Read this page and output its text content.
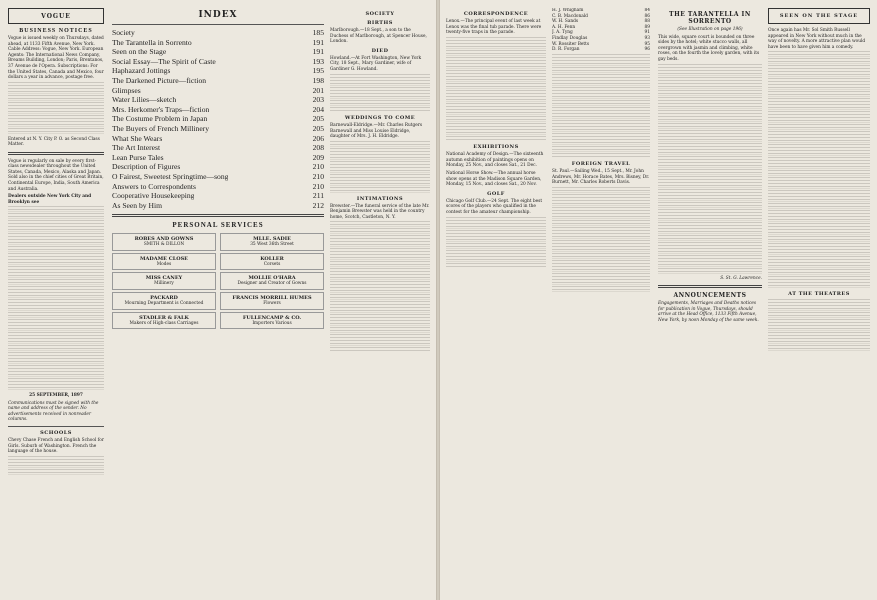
VOGUE
BUSINESS NOTICES
Vogue is issued weekly on Thursdays, dated ahead, at 1133 Fifth Avenue, New York. Cable Address: Vogue, New York. European Agents: The International News Company, Breams Building, London; Paris, Brentanos, 37 Avenue de l'Opera. Subscriptions: For the United States, Canada and Mexico, four dollars a year in advance, postage free.
Entered at N. Y. City P. O. as Second Class Matter.
Vogue is regularly on sale by every first-class newsdealer throughout the United States, Canada, Mexico, Alaska and Japan. Sold also in the chief cities of Great Britain, Continental Europe, India, South America and Australia.
Dealers outside New York City and Brooklyn see
25 SEPTEMBER, 1897
Communications must be signed with the name and address of the sender. No advertisements received in nonreader columns.
SCHOOLS
Chevy Chase French and English School for Girls. Suburb of Washington. French the language of the house.
INDEX
Society	185
The Tarantella in Sorrento	191
Seen on the Stage	191
Social Essay—The Spirit of Caste	193
Haphazard Jottings	195
The Darkened Picture—fiction	198
Glimpses	201
Water Lilies—sketch	203
Mrs. Herkomer's Traps—fiction	204
The Costume Problem in Japan	205
The Buyers of French Millinery	205
What She Wears	206
The Art Interest	208
Lean Purse Tales	209
Description of Figures	210
O Fairest, Sweetest Springtime—song	210
Answers to Correspondents	210
Cooperative Housekeeping	211
As Seen by Him	212
PERSONAL SERVICES
ROBES AND GOWNS
SMITH & DILLON
MADAME CLOSE
Modes
MISS CANEY
Millinery
PACKARD
Mourning Department is Connected
STADLER & FALK
Makers of High-class Carriages
MLLE. SADIE
35 West 36th Street
KOLLER
Corsets
MOLLIE O'HARA
Designer and Creator of Gowns
FRANCIS MORRILL HUMES
Flowers
FULLENCAMP & CO.
Importers Various
SOCIETY
BIRTHS
Marlborough.—18 Sept., a son to the Duchess of Marlborough, at Spencer House, London.
DIED
Howland.—At Fort Washington, New York City, 18 Sept., Mary Gardiner, wife of Gardiner G. Howland.
WEDDINGS TO COME
Barnewall-Eldridge.—Mr. Charles Rutgers Barnewall and Miss Louise Eldridge, daughter of Mrs. J. H. Eldridge.
INTIMATIONS
Brewster.—The funeral service of the late Mr. Benjamin Brewster was held in the country home, Scotch, Castleton, N. Y.
CORRESPONDENCE
Lenox.—The principal event of last week at Lenox was the final tub parade. There were twenty-five traps in the parade.
EXHIBITIONS
National Academy of Design.—The sixteenth autumn exhibition of paintings opens on Monday, 25 Nov., and closes Sat., 21 Dec.
National Horse Show.—The annual horse show opens at the Madison Square Garden, Monday, 15 Nov., and closes Sat., 20 Nov.
GOLF
Chicago Golf Club.—24 Sept. The eight best scores of the players who qualified in the contest for the amateur championship.
H. J. Whigham	84
C. B. Macdonald	86
W. H. Sands	88
A. H. Fenn	89
J. A. Tyng	91
Findlay Douglas	93
W. Rossiter Betts	95
D. R. Forgan	96
FOREIGN TRAVEL
St. Paul.—Sailing Wed., 15 Sept., Mr. John Andrews, Mr. Horace Bates, Mrs. Bisney, Dr. Burnett, Mr. Charles Roberts Davis.
THE TARANTELLA IN SORRENTO
(See Illustration on page 196)
This wide, square court is bounded on three sides by the hotel; white stucco walls, all overgrown with jasmin and climbing, white roses, on the fourth the lovely garden, with its gay beds.
S. St. G. Lawrence.
ANNOUNCEMENTS
Engagements, Marriages and Deaths notices for publication in Vogue, Thursdays, should arrive at the Head Office, 1133 Fifth Avenue, New York, by noon Monday of the same week.
SEEN ON THE STAGE
Once again has Mr. Sol Smith Russell appeared in New York without much in the way of novelty. A more attractive plan would have been to have given him a comedy.
AT THE THEATRES
